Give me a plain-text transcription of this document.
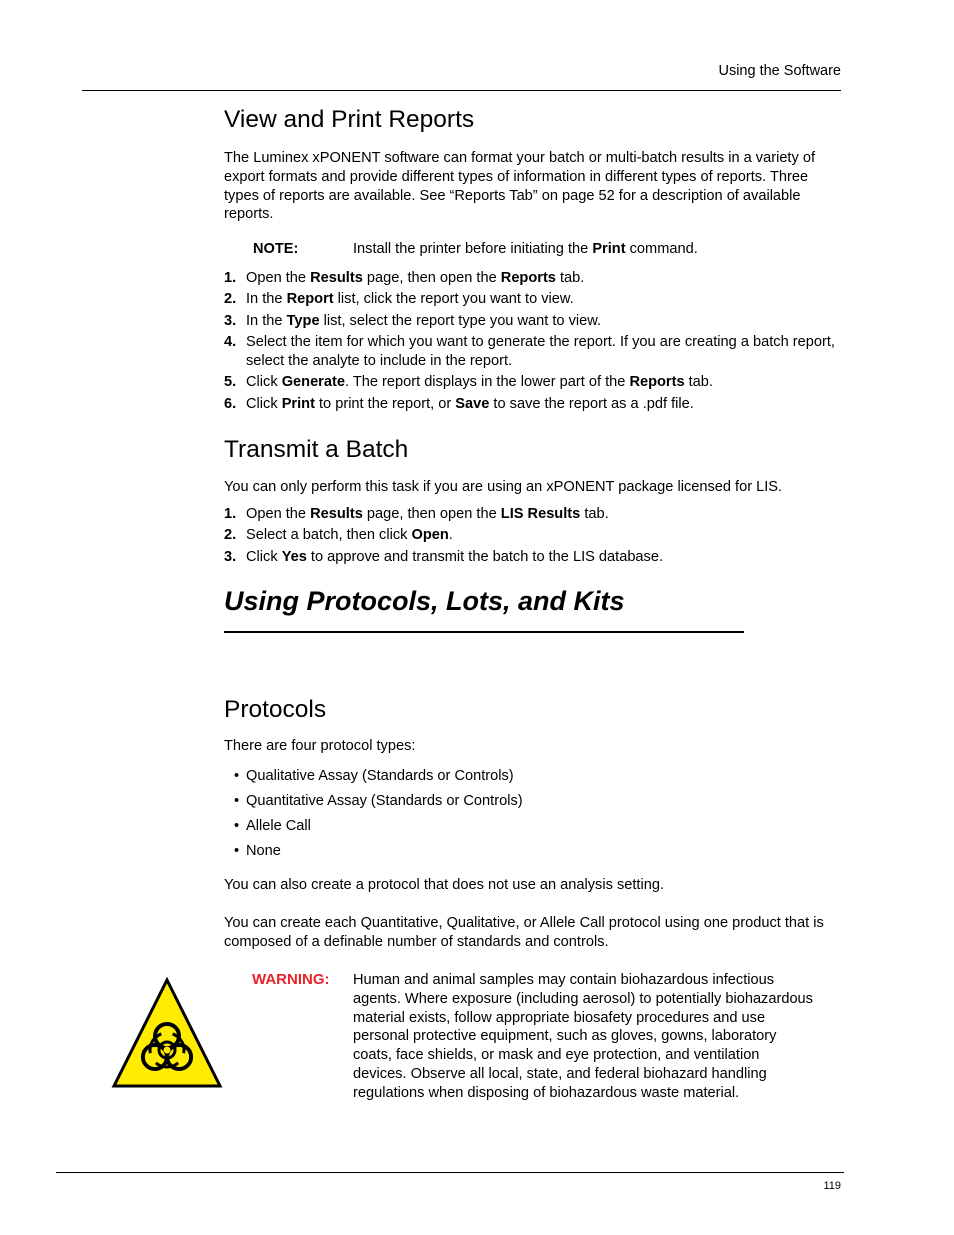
Using the Software
View and Print Reports

The Luminex xPONENT software can format your batch or multi-batch results in a variety of export formats and provide different types of information in different types of reports. Three types of reports are available. See “Reports Tab” on page 52 for a description of available reports.

NOTE:	Install the printer before initiating the Print command.
1. Open the Results page, then open the Reports tab.
2. In the Report list, click the report you want to view.
3. In the Type list, select the report type you want to view.
4. Select the item for which you want to generate the report. If you are creating a batch report, select the analyte to include in the report.
5. Click Generate. The report displays in the lower part of the Reports tab.
6. Click Print to print the report, or Save to save the report as a .pdf file.
Transmit a Batch

You can only perform this task if you are using an xPONENT package licensed for LIS.

1. Open the Results page, then open the LIS Results tab.
2. Select a batch, then click Open.
3. Click Yes to approve and transmit the batch to the LIS database.
Using Protocols, Lots, and Kits
Protocols

There are four protocol types:

• Qualitative Assay (Standards or Controls)
• Quantitative Assay (Standards or Controls)
• Allele Call
• None

You can also create a protocol that does not use an analysis setting.

You can create each Quantitative, Qualitative, or Allele Call protocol using one product that is composed of a definable number of standards and controls.

WARNING: Human and animal samples may contain biohazardous infectious agents. Where exposure (including aerosol) to potentially biohazardous material exists, follow appropriate biosafety procedures and use personal protective equipment, such as gloves, gowns, laboratory coats, face shields, or mask and eye protection, and ventilation devices. Observe all local, state, and federal biohazard handling regulations when disposing of biohazardous waste material.

119
